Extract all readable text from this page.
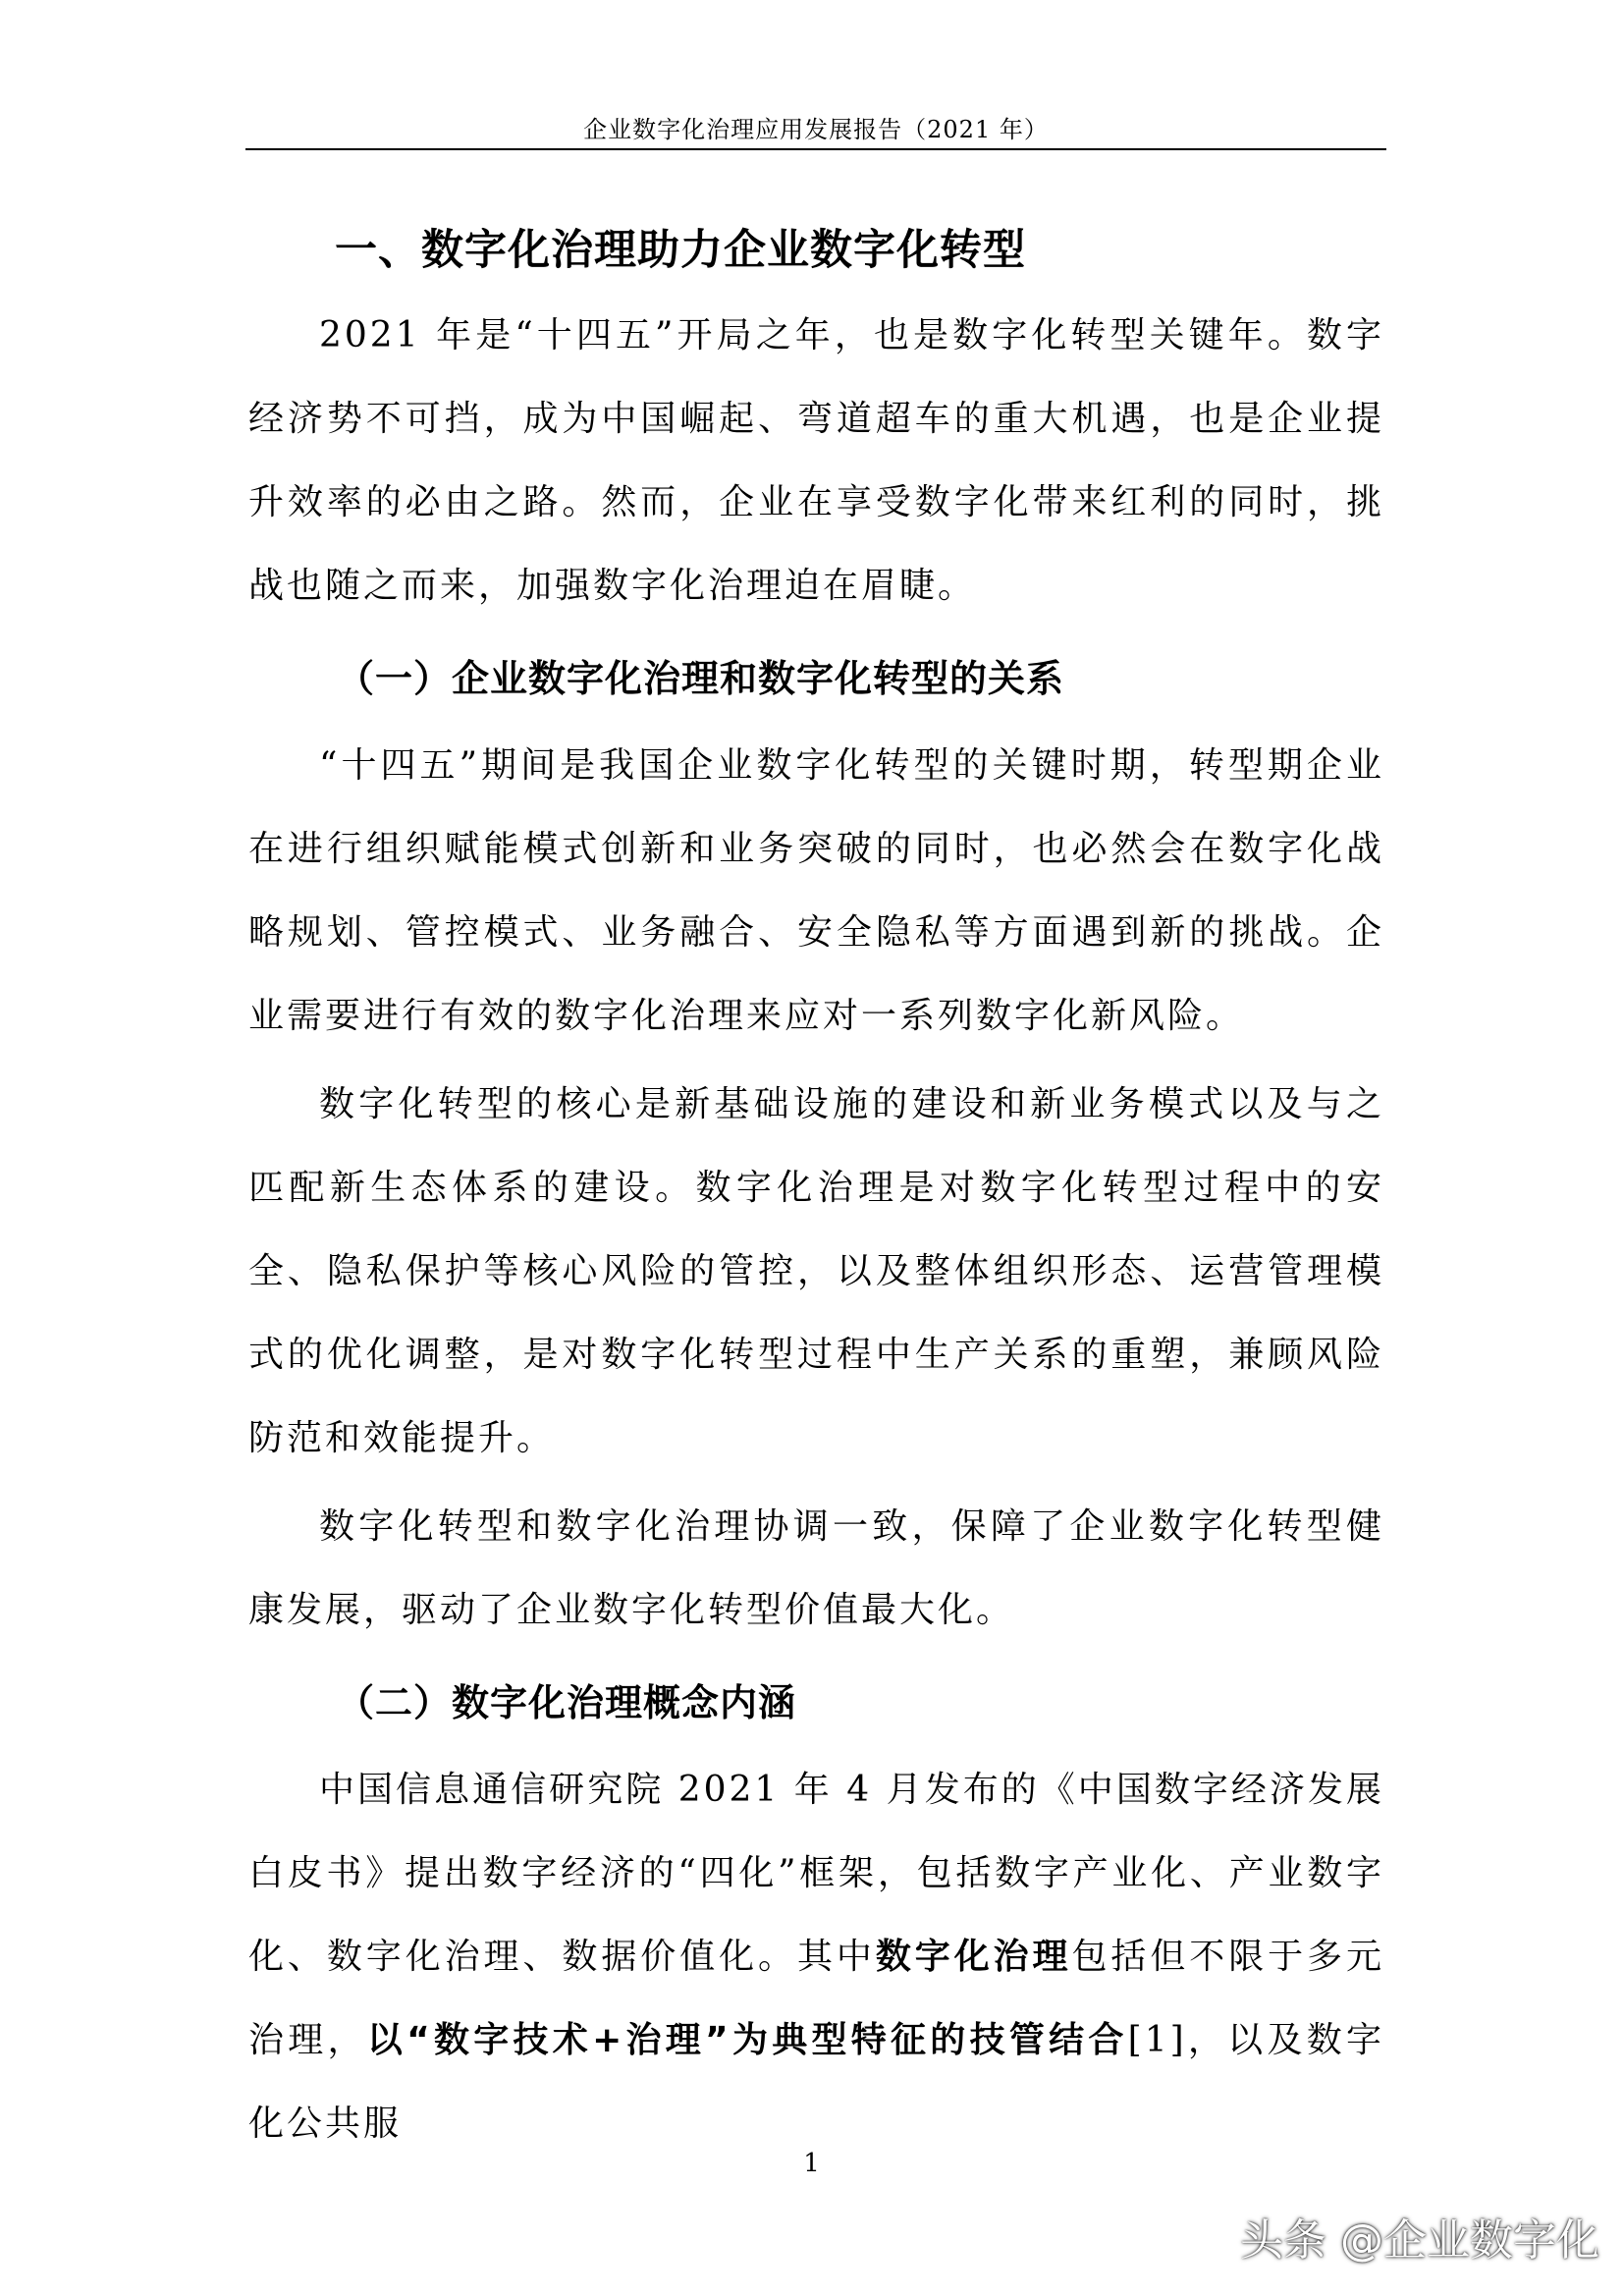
企业数字化治理应用发展报告（2021 年）
一、数字化治理助力企业数字化转型

2021 年是“十四五”开局之年，也是数字化转型关键年。数字经济势不可挡，成为中国崛起、弯道超车的重大机遇，也是企业提升效率的必由之路。然而，企业在享受数字化带来红利的同时，挑战也随之而来，加强数字化治理迫在眉睫。

（一）企业数字化治理和数字化转型的关系

“十四五”期间是我国企业数字化转型的关键时期，转型期企业在进行组织赋能模式创新和业务突破的同时，也必然会在数字化战略规划、管控模式、业务融合、安全隐私等方面遇到新的挑战。企业需要进行有效的数字化治理来应对一系列数字化新风险。

数字化转型的核心是新基础设施的建设和新业务模式以及与之匹配新生态体系的建设。数字化治理是对数字化转型过程中的安全、隐私保护等核心风险的管控，以及整体组织形态、运营管理模式的优化调整，是对数字化转型过程中生产关系的重塑，兼顾风险防范和效能提升。

数字化转型和数字化治理协调一致，保障了企业数字化转型健康发展，驱动了企业数字化转型价值最大化。

（二）数字化治理概念内涵

中国信息通信研究院 2021 年 4 月发布的《中国数字经济发展白皮书》提出数字经济的“四化”框架，包括数字产业化、产业数字化、数字化治理、数据价值化。其中数字化治理包括但不限于多元治理，以“数字技术+治理”为典型特征的技管结合[1]，以及数字化公共服

1
头条 @企业数字化
